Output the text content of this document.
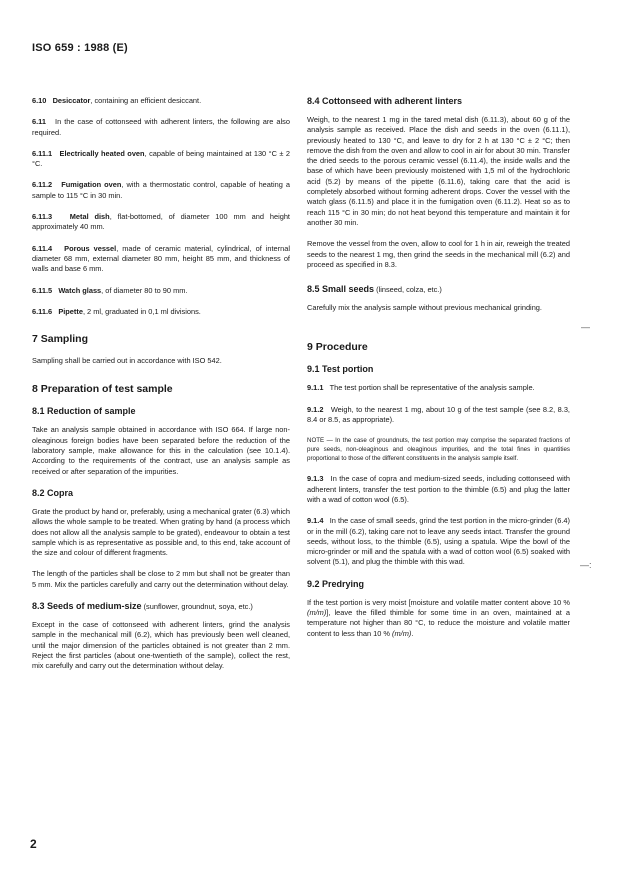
ISO 659 : 1988 (E)

6.10 Desiccator, containing an efficient desiccant.

6.11 In the case of cottonseed with adherent linters, the following are also required.

6.11.1 Electrically heated oven, capable of being maintained at 130 °C ± 2 °C.

6.11.2 Fumigation oven, with a thermostatic control, capable of heating a sample to 115 °C in 30 min.

6.11.3 Metal dish, flat-bottomed, of diameter 100 mm and height approximately 40 mm.

6.11.4 Porous vessel, made of ceramic material, cylindrical, of internal diameter 68 mm, external diameter 80 mm, height 85 mm, and thickness of walls and base 6 mm.

6.11.5 Watch glass, of diameter 80 to 90 mm.

6.11.6 Pipette, 2 ml, graduated in 0,1 ml divisions.

7 Sampling

Sampling shall be carried out in accordance with ISO 542.

8 Preparation of test sample
8.1 Reduction of sample

Take an analysis sample obtained in accordance with ISO 664. If large non-oleaginous foreign bodies have been separated before the reduction of the laboratory sample, make allowance for this in the calculation (see 10.1.4). According to the requirements of the contract, use an analysis sample as received or after separation of the impurities.

8.2 Copra

Grate the product by hand or, preferably, using a mechanical grater (6.3) which allows the whole sample to be treated. When grating by hand (a process which does not allow all the analysis sample to be grated), endeavour to obtain a test sample which is as representative as possible and, to this end, take account of the size and colour of different fragments.

The length of the particles shall be close to 2 mm but shall not be greater than 5 mm. Mix the particles carefully and carry out the determination without delay.

8.3 Seeds of medium-size (sunflower, groundnut, soya, etc.)

Except in the case of cottonseed with adherent linters, grind the analysis sample in the mechanical mill (6.2), which has previously been well cleaned, until the major dimension of the particles obtained is not greater than 2 mm. Reject the first particles (about one-twentieth of the sample), collect the rest, mix carefully and carry out the determination without delay.

8.4 Cottonseed with adherent linters

Weigh, to the nearest 1 mg in the tared metal dish (6.11.3), about 60 g of the analysis sample as received. Place the dish and seeds in the oven (6.11.1), previously heated to 130 °C, and leave to dry for 2 h at 130 °C ± 2 °C; then remove the dish from the oven and allow to cool in air for about 30 min. Transfer the dried seeds to the porous ceramic vessel (6.11.4), the inside walls and the base of which have been previously moistened with 1,5 ml of the hydrochloric acid (5.2) by means of the pipette (6.11.6), taking care that the acid is completely absorbed without forming adherent drops. Cover the vessel with the watch glass (6.11.5) and place it in the fumigation oven (6.11.2). Heat so as to reach 115 °C in 30 min; do not heat beyond this temperature and maintain it for another 30 min.

Remove the vessel from the oven, allow to cool for 1 h in air, reweigh the treated seeds to the nearest 1 mg, then grind the seeds in the mechanical mill (6.2) and proceed as specified in 8.3.

8.5 Small seeds (linseed, colza, etc.)

Carefully mix the analysis sample without previous mechanical grinding.

9 Procedure
9.1 Test portion

9.1.1 The test portion shall be representative of the analysis sample.

9.1.2 Weigh, to the nearest 1 mg, about 10 g of the test sample (see 8.2, 8.3, 8.4 or 8.5, as appropriate).

NOTE — In the case of groundnuts, the test portion may comprise the separated fractions of pure seeds, non-oleaginous and oleaginous impurities, and the total fines in quantities proportional to those of the different constituents in the analysis sample itself.

9.1.3 In the case of copra and medium-sized seeds, including cottonseed with adherent linters, transfer the test portion to the thimble (6.5) and plug the latter with a wad of cotton wool (6.5).

9.1.4 In the case of small seeds, grind the test portion in the micro-grinder (6.4) or in the mill (6.2), taking care not to leave any seeds intact. Transfer the ground seeds, without loss, to the thimble (6.5), using a spatula. Wipe the bowl of the micro-grinder or mill and the spatula with a wad of cotton wool (6.5) soaked with solvent (5.1), and plug the thimble with this wad.

9.2 Predrying

If the test portion is very moist [moisture and volatile matter content above 10 % (m/m)], leave the filled thimble for some time in an oven, maintained at a temperature not higher than 80 °C, to reduce the moisture and volatile matter content to less than 10 % (m/m).

—
—:
2
